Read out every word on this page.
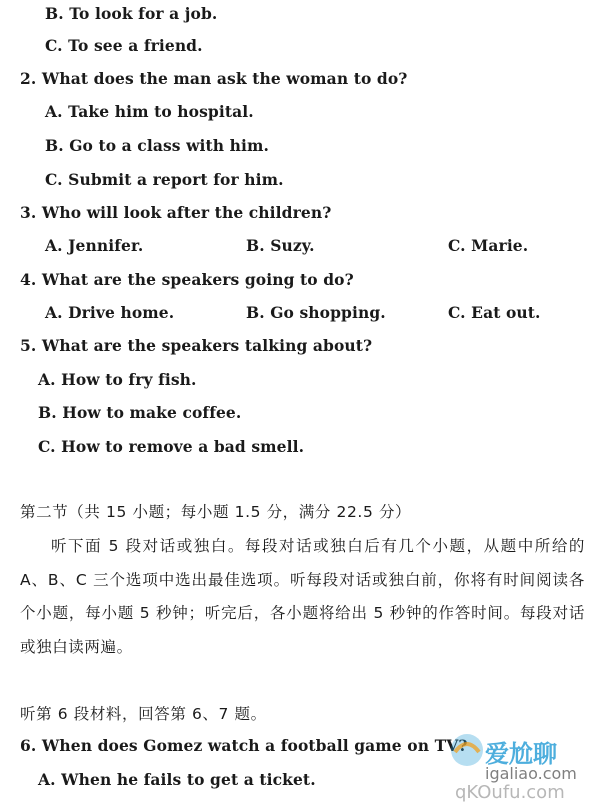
B. To look for a job.
C. To see a friend.
2. What does the man ask the woman to do?
A. Take him to hospital.
B. Go to a class with him.
C. Submit a report for him.
3. Who will look after the children?
A. Jennifer.	B. Suzy.	C. Marie.
4. What are the speakers going to do?
A. Drive home.	B. Go shopping.	C. Eat out.
5. What are the speakers talking about?
A. How to fry fish.
B. How to make coffee.
C. How to remove a bad smell.
第二节（共 15 小题；每小题 1.5 分，满分 22.5 分）
听下面 5 段对话或独白。每段对话或独白后有几个小题，从题中所给的 A、B、C 三个选项中选出最佳选项。听每段对话或独白前，你将有时间阅读各个小题，每小题 5 秒钟；听完后，各小题将给出 5 秒钟的作答时间。每段对话或独白读两遍。
听第 6 段材料，回答第 6、7 题。
6. When does Gomez watch a football game on TV?
A. When he fails to get a ticket.
爱尬聊
igaliao.com
qKOufu.com
